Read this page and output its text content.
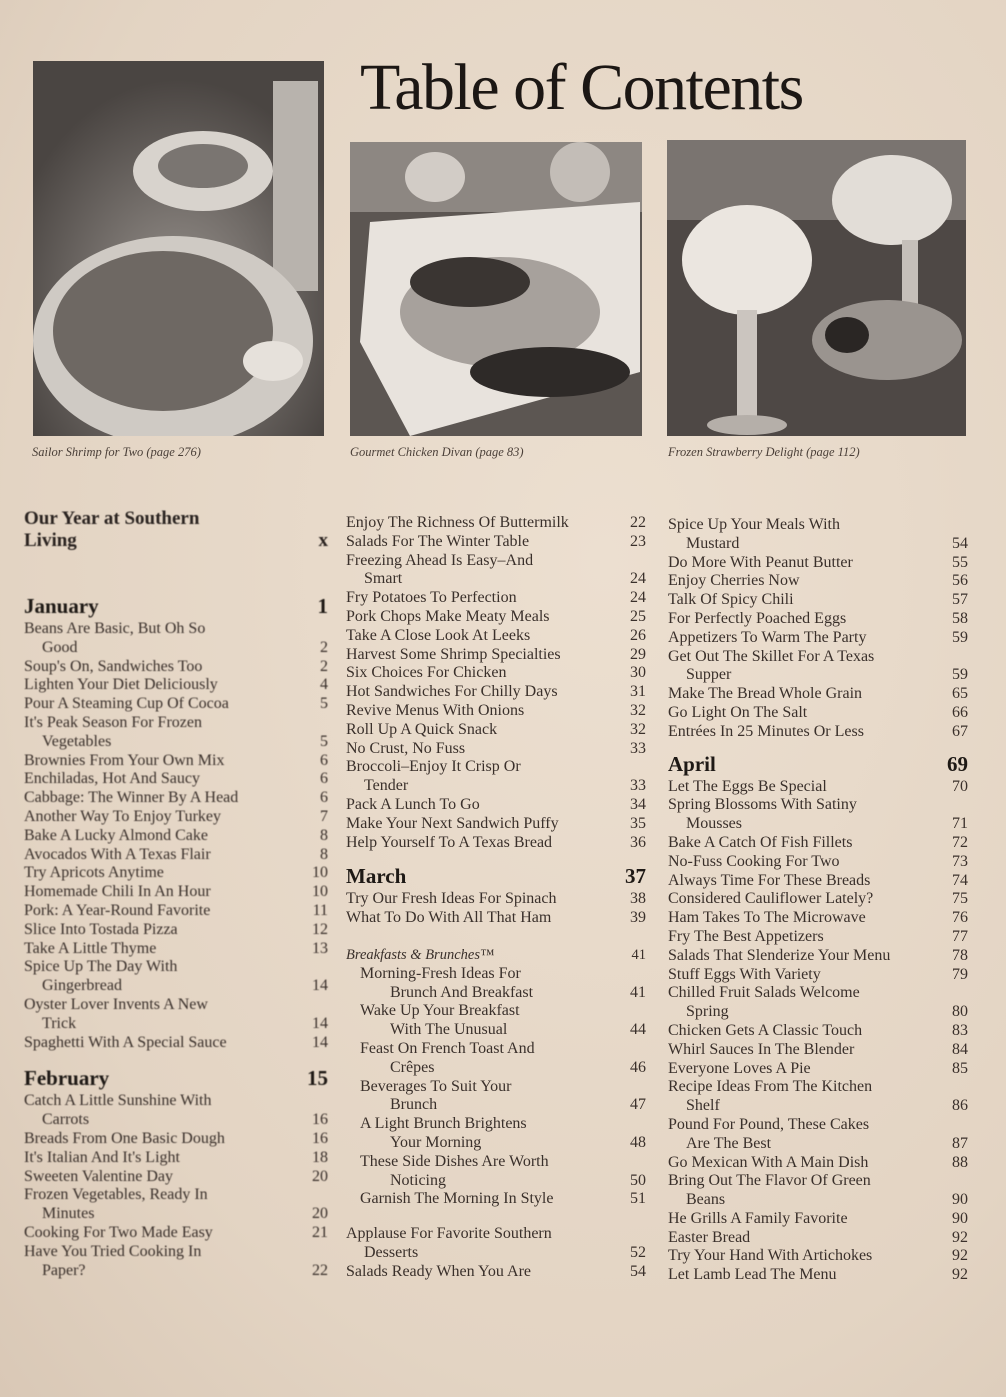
Table of Contents
Sailor Shrimp for Two (page 276)	Gourmet Chicken Divan (page 83)	Frozen Strawberry Delight (page 112)
Our Year at Southern
Living	x
January	1
Beans Are Basic, But Oh So
Good	2
Soup's On, Sandwiches Too	2
Lighten Your Diet Deliciously	4
Pour A Steaming Cup Of Cocoa	5
It's Peak Season For Frozen
Vegetables	5
Brownies From Your Own Mix	6
Enchiladas, Hot And Saucy	6
Cabbage: The Winner By A Head	6
Another Way To Enjoy Turkey	7
Bake A Lucky Almond Cake	8
Avocados With A Texas Flair	8
Try Apricots Anytime	10
Homemade Chili In An Hour	10
Pork: A Year-Round Favorite	11
Slice Into Tostada Pizza	12
Take A Little Thyme	13
Spice Up The Day With
Gingerbread	14
Oyster Lover Invents A New
Trick	14
Spaghetti With A Special Sauce	14
February	15
Catch A Little Sunshine With
Carrots	16
Breads From One Basic Dough	16
It's Italian And It's Light	18
Sweeten Valentine Day	20
Frozen Vegetables, Ready In
Minutes	20
Cooking For Two Made Easy	21
Have You Tried Cooking In
Paper?	22
Enjoy The Richness Of Buttermilk	22
Salads For The Winter Table	23
Freezing Ahead Is Easy–And
Smart	24
Fry Potatoes To Perfection	24
Pork Chops Make Meaty Meals	25
Take A Close Look At Leeks	26
Harvest Some Shrimp Specialties	29
Six Choices For Chicken	30
Hot Sandwiches For Chilly Days	31
Revive Menus With Onions	32
Roll Up A Quick Snack	32
No Crust, No Fuss	33
Broccoli–Enjoy It Crisp Or
Tender	33
Pack A Lunch To Go	34
Make Your Next Sandwich Puffy	35
Help Yourself To A Texas Bread	36
March	37
Try Our Fresh Ideas For Spinach	38
What To Do With All That Ham	39
Breakfasts & Brunches™	41
Morning-Fresh Ideas For
Brunch And Breakfast	41
Wake Up Your Breakfast
With The Unusual	44
Feast On French Toast And
Crêpes	46
Beverages To Suit Your
Brunch	47
A Light Brunch Brightens
Your Morning	48
These Side Dishes Are Worth
Noticing	50
Garnish The Morning In Style	51
Applause For Favorite Southern
Desserts	52
Salads Ready When You Are	54
Spice Up Your Meals With
Mustard	54
Do More With Peanut Butter	55
Enjoy Cherries Now	56
Talk Of Spicy Chili	57
For Perfectly Poached Eggs	58
Appetizers To Warm The Party	59
Get Out The Skillet For A Texas
Supper	59
Make The Bread Whole Grain	65
Go Light On The Salt	66
Entrées In 25 Minutes Or Less	67
April	69
Let The Eggs Be Special	70
Spring Blossoms With Satiny
Mousses	71
Bake A Catch Of Fish Fillets	72
No-Fuss Cooking For Two	73
Always Time For These Breads	74
Considered Cauliflower Lately?	75
Ham Takes To The Microwave	76
Fry The Best Appetizers	77
Salads That Slenderize Your Menu	78
Stuff Eggs With Variety	79
Chilled Fruit Salads Welcome
Spring	80
Chicken Gets A Classic Touch	83
Whirl Sauces In The Blender	84
Everyone Loves A Pie	85
Recipe Ideas From The Kitchen
Shelf	86
Pound For Pound, These Cakes
Are The Best	87
Go Mexican With A Main Dish	88
Bring Out The Flavor Of Green
Beans	90
He Grills A Family Favorite	90
Easter Bread	92
Try Your Hand With Artichokes	92
Let Lamb Lead The Menu	92
